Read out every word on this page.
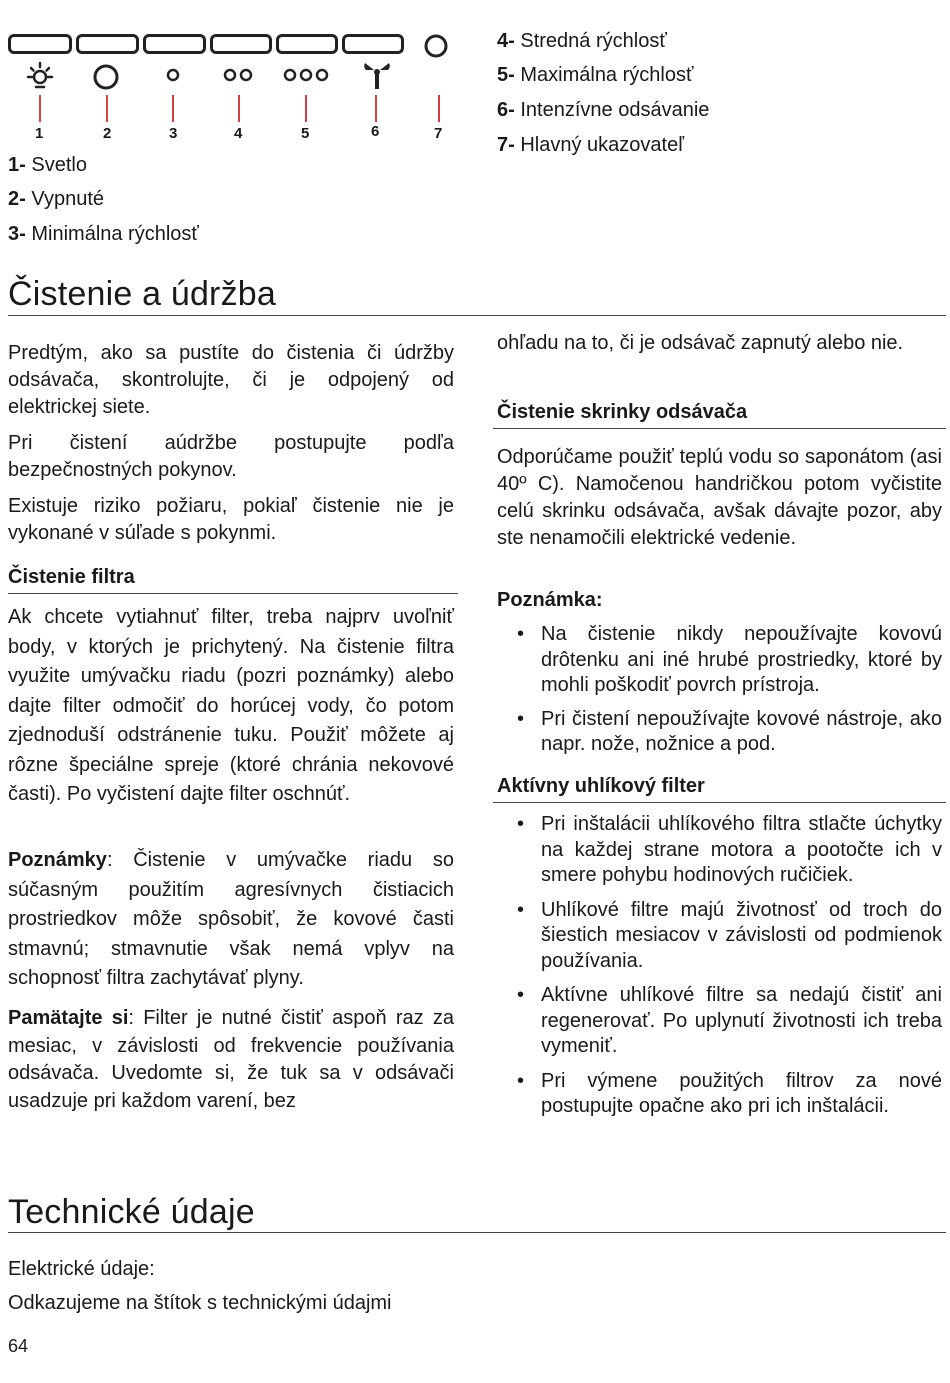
1	2	3	4	5	6	7
1- Svetlo
2- Vypnuté
3- Minimálna rýchlosť
4- Stredná rýchlosť
5- Maximálna rýchlosť
6- Intenzívne odsávanie
7- Hlavný ukazovateľ
Čistenie a údržba

Predtým, ako sa pustíte do čistenia či údržby odsávača, skontrolujte, či je odpojený od elektrickej siete.

Pri čistení aúdržbe postupujte podľa bezpečnostných pokynov.

Existuje riziko požiaru, pokiaľ čistenie nie je vykonané v súľade s pokynmi.

Čistenie filtra

Ak chcete vytiahnuť filter, treba najprv uvoľniť body, v ktorých je prichytený. Na čistenie filtra využite umývačku riadu (pozri poznámky) alebo dajte filter odmočiť do horúcej vody, čo potom zjednoduší odstránenie tuku. Použiť môžete aj rôzne špeciálne spreje (ktoré chránia nekovové časti). Po vyčistení dajte filter oschnúť.

Poznámky: Čistenie v umývačke riadu so súčasným použitím agresívnych čistiacich prostriedkov môže spôsobiť, že kovové časti stmavnú; stmavnutie však nemá vplyv na schopnosť filtra zachytávať plyny.

Pamätajte si: Filter je nutné čistiť aspoň raz za mesiac, v závislosti od frekvencie používania odsávača. Uvedomte si, že tuk sa v odsávači usadzuje pri každom varení, bez

ohľadu na to, či je odsávač zapnutý alebo nie.

Čistenie skrinky odsávača

Odporúčame použiť teplú vodu so saponátom (asi 40º C). Namočenou handričkou potom vyčistite celú skrinku odsávača, avšak dávajte pozor, aby ste nenamočili elektrické vedenie.

Poznámka:
• Na čistenie nikdy nepoužívajte kovovú drôtenku ani iné hrubé prostriedky, ktoré by mohli poškodiť povrch prístroja.
• Pri čistení nepoužívajte kovové nástroje, ako napr. nože, nožnice a pod.
Aktívny uhlíkový filter
• Pri inštalácii uhlíkového filtra stlačte úchytky na každej strane motora a pootočte ich v smere pohybu hodinových ručičiek.
• Uhlíkové filtre majú životnosť od troch do šiestich mesiacov v závislosti od podmienok používania.
• Aktívne uhlíkové filtre sa nedajú čistiť ani regenerovať. Po uplynutí životnosti ich treba vymeniť.
• Pri výmene použitých filtrov za nové postupujte opačne ako pri ich inštalácii.
Technické údaje
Elektrické údaje:
Odkazujeme na štítok s technickými údajmi
64
